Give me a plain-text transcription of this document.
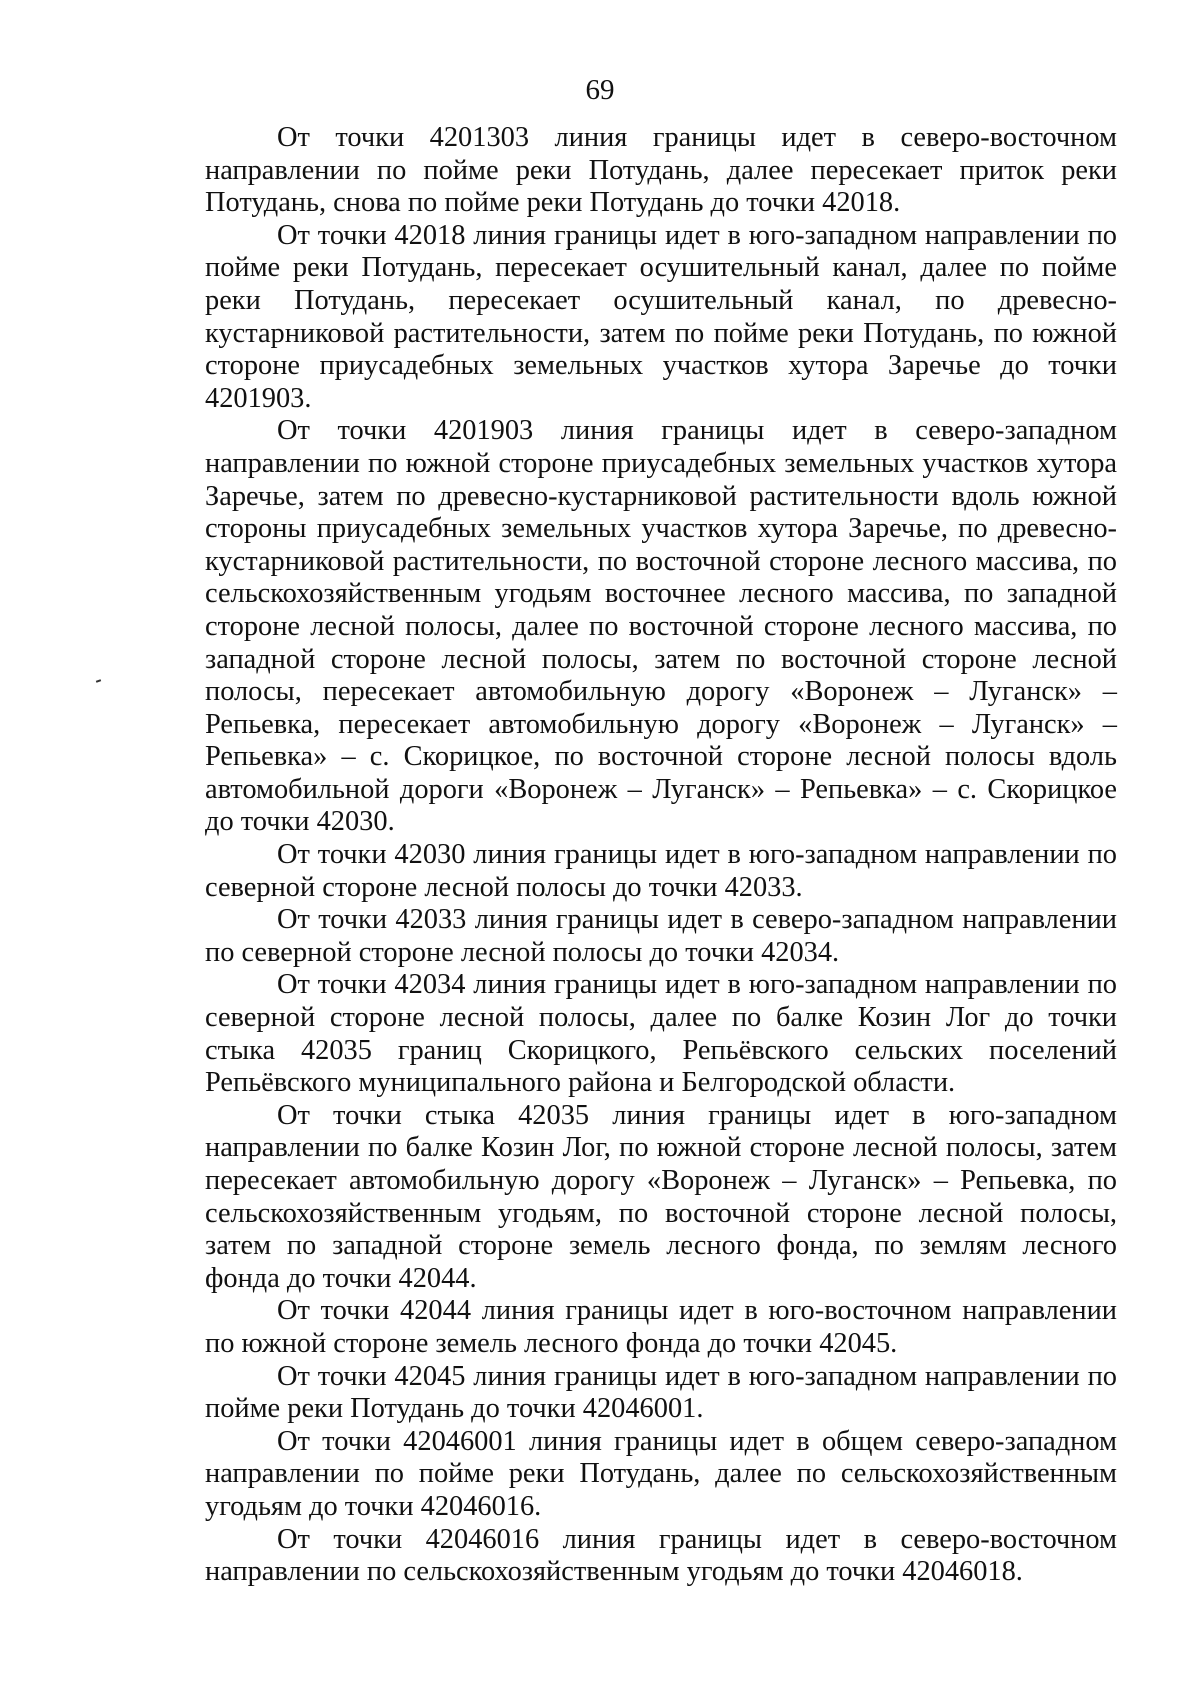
69

От точки 4201303 линия границы идет в северо-восточном направлении по пойме реки Потудань, далее пересекает приток реки Потудань, снова по пойме реки Потудань до точки 42018.

От точки 42018 линия границы идет в юго-западном направлении по пойме реки Потудань, пересекает осушительный канал, далее по пойме реки Потудань, пересекает осушительный канал, по древесно-кустарниковой растительности, затем по пойме реки Потудань, по южной стороне приусадебных земельных участков хутора Заречье до точки 4201903.

От точки 4201903 линия границы идет в северо-западном направлении по южной стороне приусадебных земельных участков хутора Заречье, затем по древесно-кустарниковой растительности вдоль южной стороны приусадебных земельных участков хутора Заречье, по древесно-кустарниковой растительности, по восточной стороне лесного массива, по сельскохозяйственным угодьям восточнее лесного массива, по западной стороне лесной полосы, далее по восточной стороне лесного массива, по западной стороне лесной полосы, затем по восточной стороне лесной полосы, пересекает автомобильную дорогу «Воронеж – Луганск» – Репьевка, пересекает автомобильную дорогу «Воронеж – Луганск» – Репьевка» – с. Скорицкое, по восточной стороне лесной полосы вдоль автомобильной дороги «Воронеж – Луганск» – Репьевка» – с. Скорицкое до точки 42030.

От точки 42030 линия границы идет в юго-западном направлении по северной стороне лесной полосы до точки 42033.

От точки 42033 линия границы идет в северо-западном направлении по северной стороне лесной полосы до точки 42034.

От точки 42034 линия границы идет в юго-западном направлении по северной стороне лесной полосы, далее по балке Козин Лог до точки стыка 42035 границ Скорицкого, Репьёвского сельских поселений Репьёвского муниципального района и Белгородской области.

От точки стыка 42035 линия границы идет в юго-западном направлении по балке Козин Лог, по южной стороне лесной полосы, затем пересекает автомобильную дорогу «Воронеж – Луганск» – Репьевка, по сельскохозяйственным угодьям, по восточной стороне лесной полосы, затем по западной стороне земель лесного фонда, по землям лесного фонда до точки 42044.

От точки 42044 линия границы идет в юго-восточном направлении по южной стороне земель лесного фонда до точки 42045.

От точки 42045 линия границы идет в юго-западном направлении по пойме реки Потудань до точки 42046001.

От точки 42046001 линия границы идет в общем северо-западном направлении по пойме реки Потудань, далее по сельскохозяйственным угодьям до точки 42046016.

От точки 42046016 линия границы идет в северо-восточном направлении по сельскохозяйственным угодьям до точки 42046018.
